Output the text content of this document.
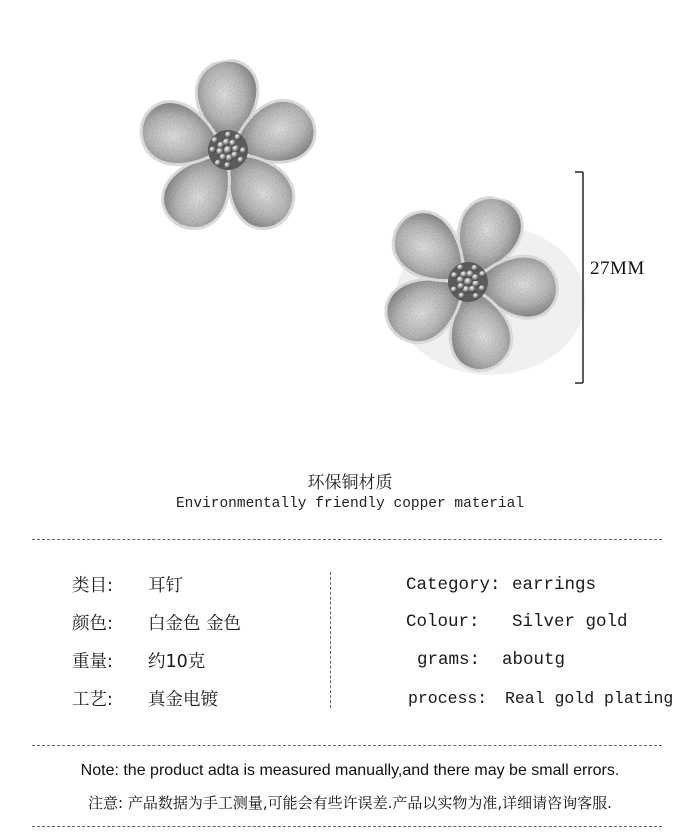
27MM
环保铜材质
Environmentally friendly copper material
类目: 耳钉
颜色: 白金色 金色
重量: 约10克
工艺: 真金电镀
Category: earrings
Colour: Silver gold
grams: aboutg
process: Real gold plating
Note: the product adta is measured manually,and there may be small errors.
注意: 产品数据为手工测量,可能会有些许误差.产品以实物为准,详细请咨询客服.
